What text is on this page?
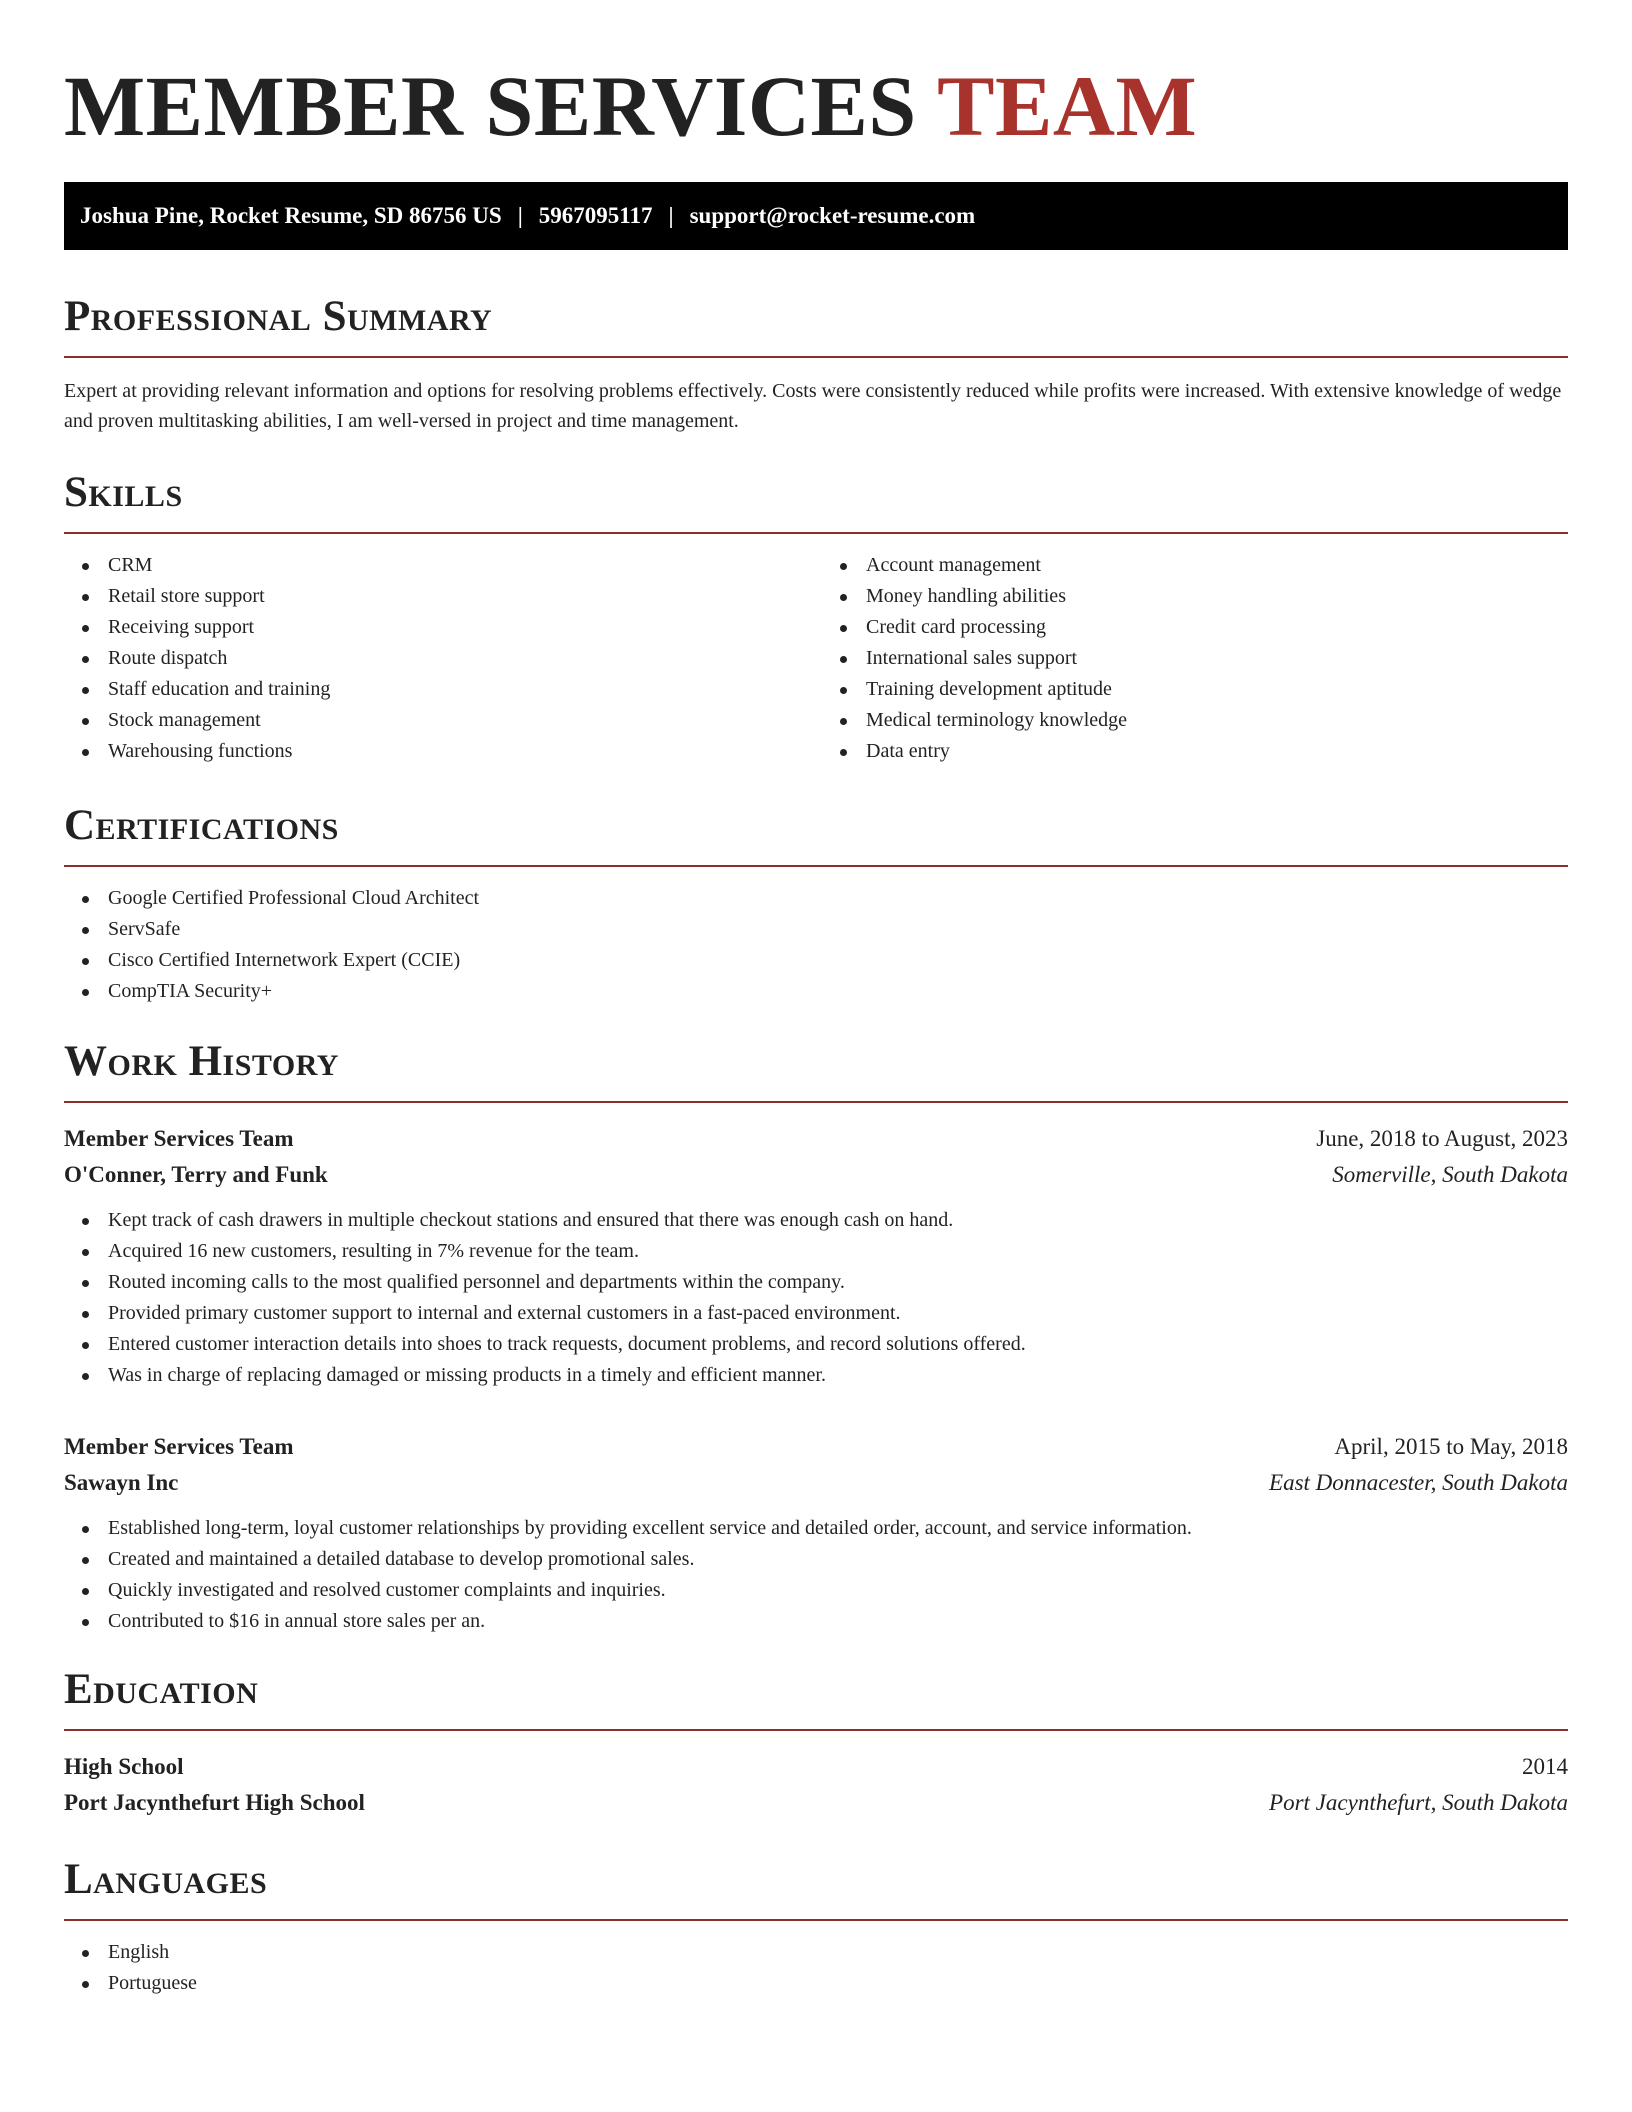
MEMBER SERVICES TEAM
Joshua Pine, Rocket Resume, SD 86756 US | 5967095117 | support@rocket-resume.com
Professional Summary

Expert at providing relevant information and options for resolving problems effectively. Costs were consistently reduced while profits were increased. With extensive knowledge of wedge and proven multitasking abilities, I am well-versed in project and time management.

Skills
CRM
Retail store support
Receiving support
Route dispatch
Staff education and training
Stock management
Warehousing functions
Account management
Money handling abilities
Credit card processing
International sales support
Training development aptitude
Medical terminology knowledge
Data entry
Certifications
Google Certified Professional Cloud Architect
ServSafe
Cisco Certified Internetwork Expert (CCIE)
CompTIA Security+
Work History
Member Services Team	June, 2018 to August, 2023
O'Conner, Terry and Funk	Somerville, South Dakota
Kept track of cash drawers in multiple checkout stations and ensured that there was enough cash on hand.
Acquired 16 new customers, resulting in 7% revenue for the team.
Routed incoming calls to the most qualified personnel and departments within the company.
Provided primary customer support to internal and external customers in a fast-paced environment.
Entered customer interaction details into shoes to track requests, document problems, and record solutions offered.
Was in charge of replacing damaged or missing products in a timely and efficient manner.
Member Services Team	April, 2015 to May, 2018
Sawayn Inc	East Donnacester, South Dakota
Established long-term, loyal customer relationships by providing excellent service and detailed order, account, and service information.
Created and maintained a detailed database to develop promotional sales.
Quickly investigated and resolved customer complaints and inquiries.
Contributed to $16 in annual store sales per an.
Education
High School	2014
Port Jacynthefurt High School	Port Jacynthefurt, South Dakota
Languages
English
Portuguese
